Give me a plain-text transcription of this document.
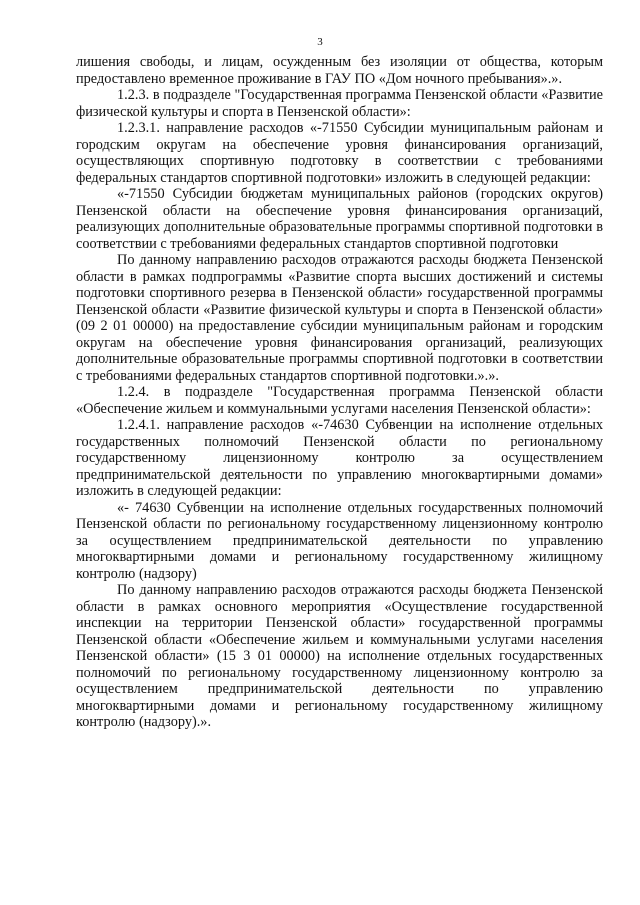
3

лишения свободы, и лицам, осужденным без изоляции от общества, которым предоставлено временное проживание в ГАУ ПО «Дом ночного пребывания».».

1.2.3. в подразделе "Государственная программа Пензенской области «Развитие физической культуры и спорта в Пензенской области»:

1.2.3.1. направление расходов «-71550 Субсидии муниципальным районам и городским округам на обеспечение уровня финансирования организаций, осуществляющих спортивную подготовку в соответствии с требованиями федеральных стандартов спортивной подготовки» изложить в следующей редакции:

«-71550 Субсидии бюджетам муниципальных районов (городских округов) Пензенской области на обеспечение уровня финансирования организаций, реализующих дополнительные образовательные программы спортивной подготовки в соответствии с требованиями федеральных стандартов спортивной подготовки

По данному направлению расходов отражаются расходы бюджета Пензенской области в рамках подпрограммы «Развитие спорта высших достижений и системы подготовки спортивного резерва в Пензенской области» государственной программы Пензенской области «Развитие физической культуры и спорта в Пензенской области» (09 2 01 00000) на предоставление субсидии муниципальным районам и городским округам на обеспечение уровня финансирования организаций, реализующих дополнительные образовательные программы спортивной подготовки в соответствии с требованиями федеральных стандартов спортивной подготовки.».».

1.2.4. в подразделе "Государственная программа Пензенской области «Обеспечение жильем и коммунальными услугами населения Пензенской области»:

1.2.4.1. направление расходов «-74630 Субвенции на исполнение отдельных государственных полномочий Пензенской области по региональному государственному лицензионному контролю за осуществлением предпринимательской деятельности по управлению многоквартирными домами» изложить в следующей редакции:

«- 74630 Субвенции на исполнение отдельных государственных полномочий Пензенской области по региональному государственному лицензионному контролю за осуществлением предпринимательской деятельности по управлению многоквартирными домами и региональному государственному жилищному контролю (надзору)

По данному направлению расходов отражаются расходы бюджета Пензенской области в рамках основного мероприятия «Осуществление государственной инспекции на территории Пензенской области» государственной программы Пензенской области «Обеспечение жильем и коммунальными услугами населения Пензенской области» (15 3 01 00000) на исполнение отдельных государственных полномочий по региональному государственному лицензионному контролю за осуществлением предпринимательской деятельности по управлению многоквартирными домами и региональному государственному жилищному контролю (надзору).».
